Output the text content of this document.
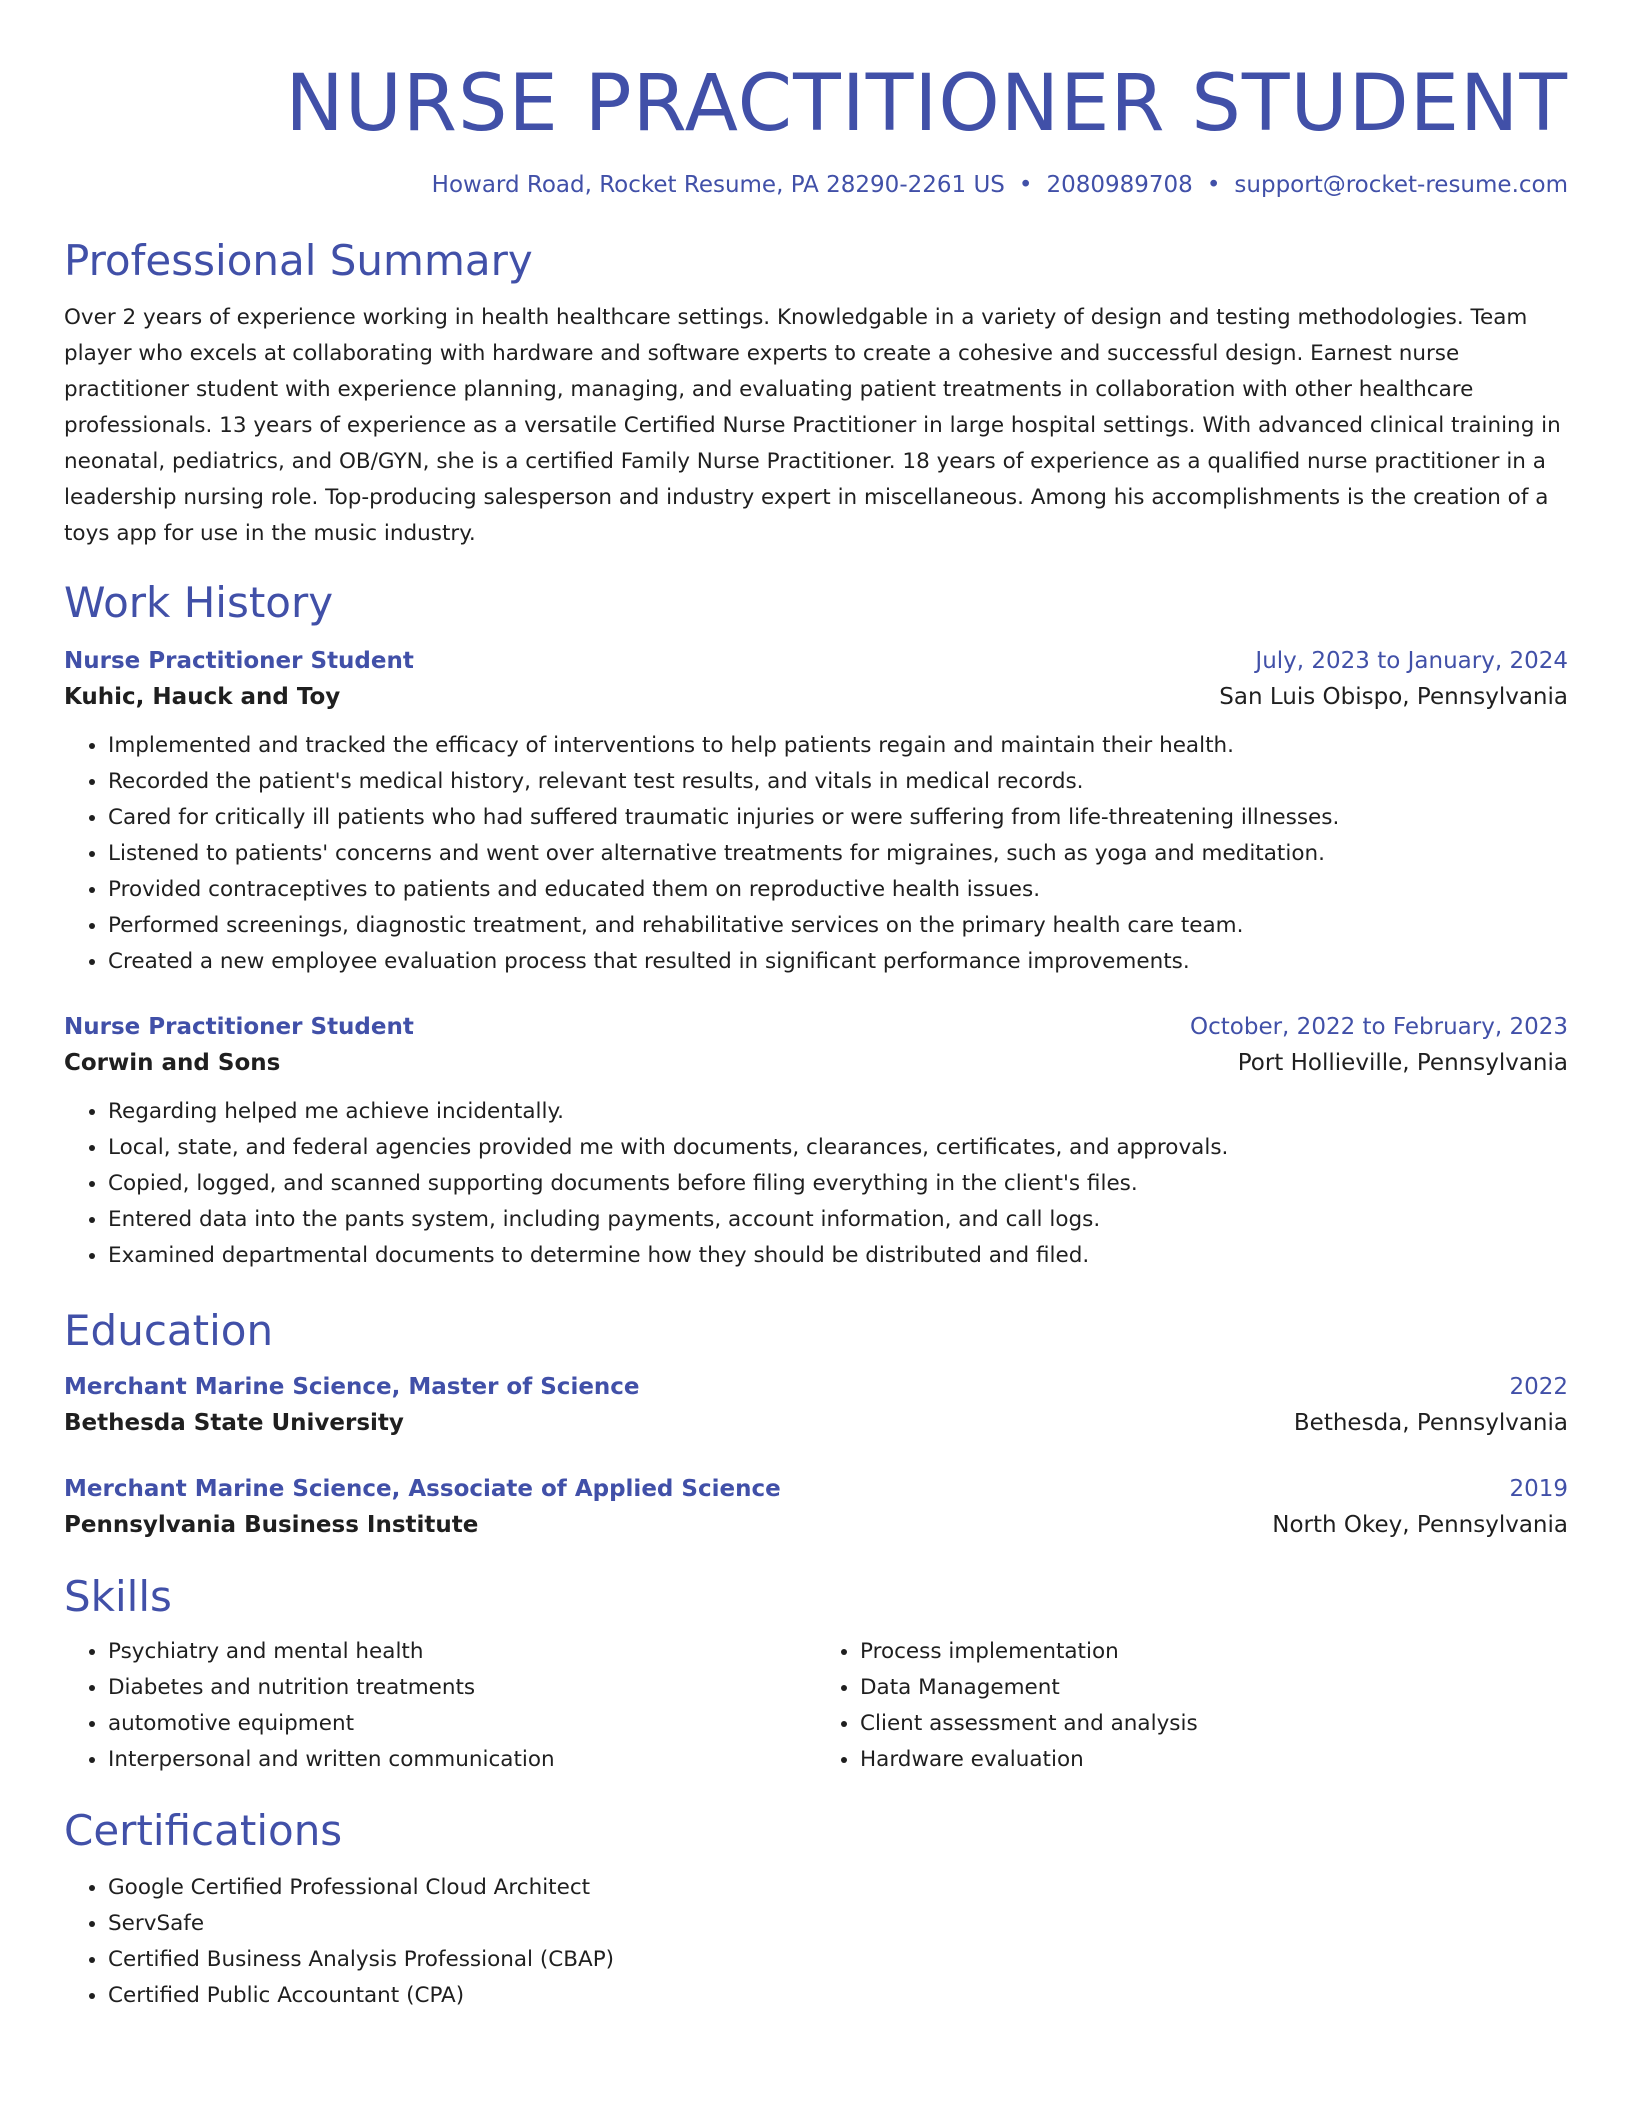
NURSE PRACTITIONER STUDENT
Howard Road, Rocket Resume, PA 28290-2261 US • 2080989708 • support@rocket-resume.com
Professional Summary
Over 2 years of experience working in health healthcare settings. Knowledgable in a variety of design and testing methodologies. Team player who excels at collaborating with hardware and software experts to create a cohesive and successful design. Earnest nurse practitioner student with experience planning, managing, and evaluating patient treatments in collaboration with other healthcare professionals. 13 years of experience as a versatile Certified Nurse Practitioner in large hospital settings. With advanced clinical training in neonatal, pediatrics, and OB/GYN, she is a certified Family Nurse Practitioner. 18 years of experience as a qualified nurse practitioner in a leadership nursing role. Top-producing salesperson and industry expert in miscellaneous. Among his accomplishments is the creation of a toys app for use in the music industry.
Work History
Nurse Practitioner Student	July, 2023 to January, 2024
Kuhic, Hauck and Toy	San Luis Obispo, Pennsylvania
• Implemented and tracked the efficacy of interventions to help patients regain and maintain their health.
• Recorded the patient's medical history, relevant test results, and vitals in medical records.
• Cared for critically ill patients who had suffered traumatic injuries or were suffering from life-threatening illnesses.
• Listened to patients' concerns and went over alternative treatments for migraines, such as yoga and meditation.
• Provided contraceptives to patients and educated them on reproductive health issues.
• Performed screenings, diagnostic treatment, and rehabilitative services on the primary health care team.
• Created a new employee evaluation process that resulted in significant performance improvements.
Nurse Practitioner Student	October, 2022 to February, 2023
Corwin and Sons	Port Hollieville, Pennsylvania
• Regarding helped me achieve incidentally.
• Local, state, and federal agencies provided me with documents, clearances, certificates, and approvals.
• Copied, logged, and scanned supporting documents before filing everything in the client's files.
• Entered data into the pants system, including payments, account information, and call logs.
• Examined departmental documents to determine how they should be distributed and filed.
Education
Merchant Marine Science, Master of Science	2022
Bethesda State University	Bethesda, Pennsylvania
Merchant Marine Science, Associate of Applied Science	2019
Pennsylvania Business Institute	North Okey, Pennsylvania
Skills
• Psychiatry and mental health
• Diabetes and nutrition treatments
• automotive equipment
• Interpersonal and written communication
• Process implementation
• Data Management
• Client assessment and analysis
• Hardware evaluation
Certifications
• Google Certified Professional Cloud Architect
• ServSafe
• Certified Business Analysis Professional (CBAP)
• Certified Public Accountant (CPA)
